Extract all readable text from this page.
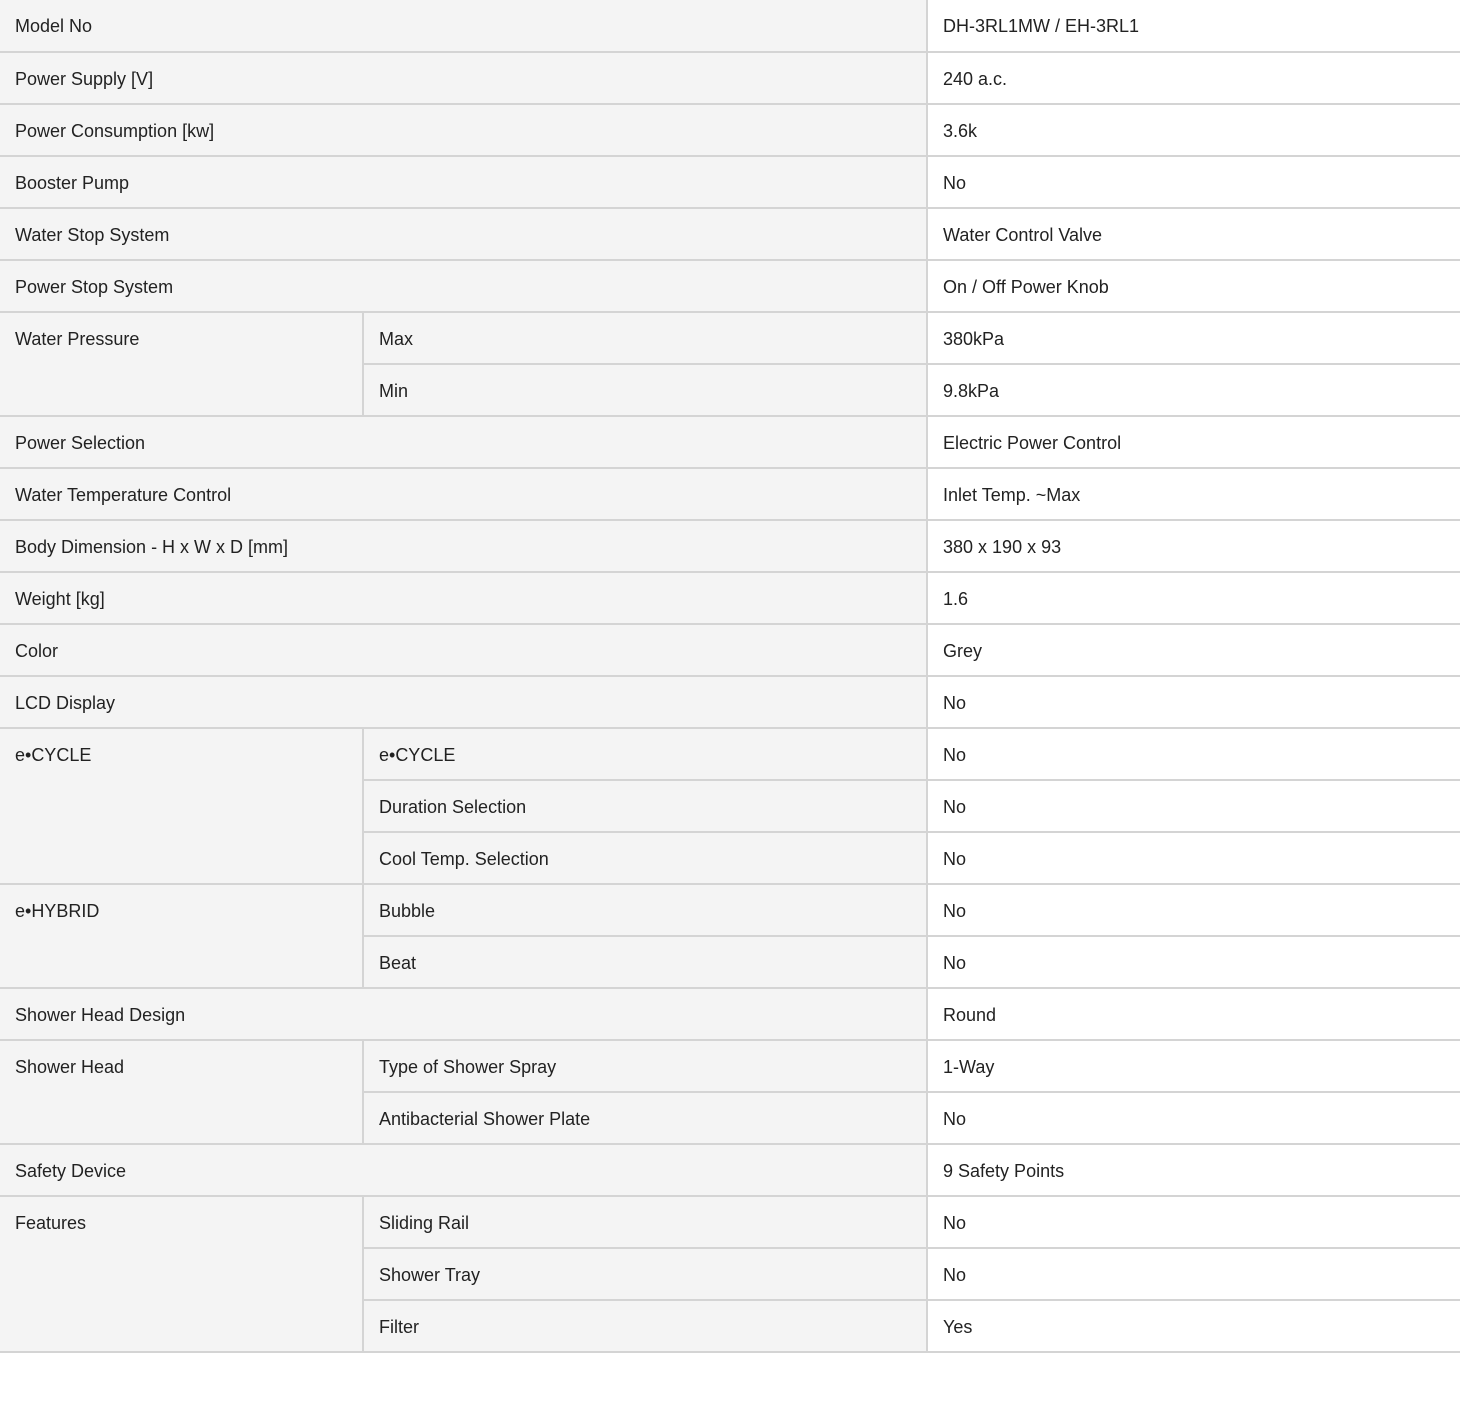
Model No		DH-3RL1MW / EH-3RL1
Power Supply [V]		240 a.c.
Power Consumption [kw]		3.6k
Booster Pump		No
Water Stop System		Water Control Valve
Power Stop System		On / Off Power Knob
Water Pressure	Max	380kPa
	Min	9.8kPa
Power Selection		Electric Power Control
Water Temperature Control		Inlet Temp. ~Max
Body Dimension - H x W x D [mm]		380 x 190 x 93
Weight [kg]		1.6
Color		Grey
LCD Display		No
e•CYCLE	e•CYCLE	No
	Duration Selection	No
	Cool Temp. Selection	No
e•HYBRID	Bubble	No
	Beat	No
Shower Head Design		Round
Shower Head	Type of Shower Spray	1-Way
	Antibacterial Shower Plate	No
Safety Device		9 Safety Points
Features	Sliding Rail	No
	Shower Tray	No
	Filter	Yes
